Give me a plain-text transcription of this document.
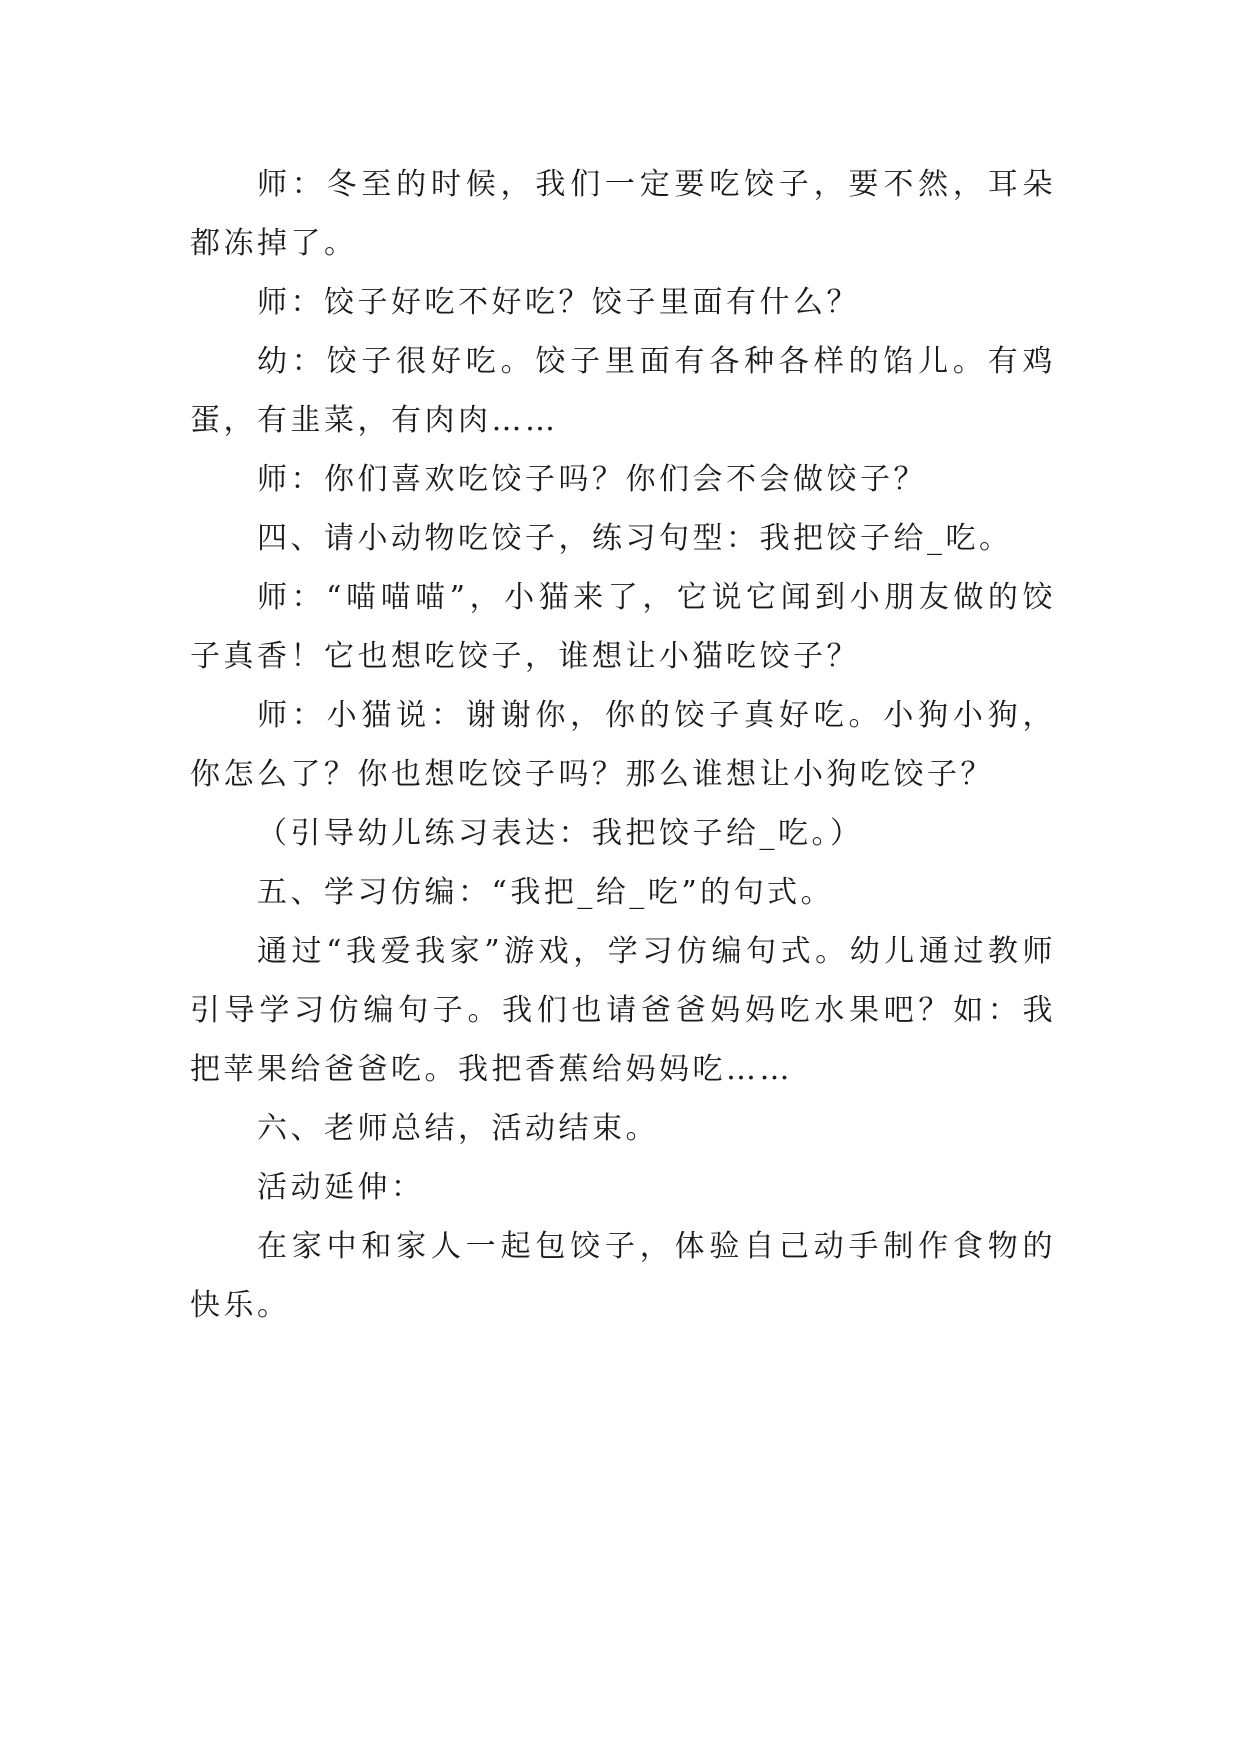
师：冬至的时候，我们一定要吃饺子，要不然，耳朵都冻掉了。

师：饺子好吃不好吃？饺子里面有什么？

幼：饺子很好吃。饺子里面有各种各样的馅儿。有鸡蛋，有韭菜，有肉肉……

师：你们喜欢吃饺子吗？你们会不会做饺子？

四、请小动物吃饺子，练习句型：我把饺子给_吃。

师：“喵喵喵”，小猫来了，它说它闻到小朋友做的饺子真香！它也想吃饺子，谁想让小猫吃饺子？

师：小猫说：谢谢你，你的饺子真好吃。小狗小狗，你怎么了？你也想吃饺子吗？那么谁想让小狗吃饺子？

（引导幼儿练习表达：我把饺子给_吃。）

五、学习仿编：“我把_给_吃”的句式。

通过“我爱我家”游戏，学习仿编句式。幼儿通过教师引导学习仿编句子。我们也请爸爸妈妈吃水果吧？如：我把苹果给爸爸吃。我把香蕉给妈妈吃……

六、老师总结，活动结束。

活动延伸：

在家中和家人一起包饺子，体验自己动手制作食物的快乐。
